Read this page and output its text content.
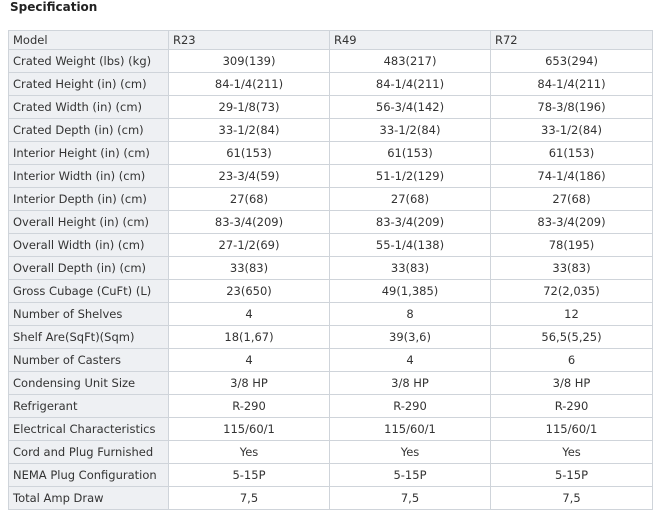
Specification
Model	R23	R49	R72
Crated Weight (lbs) (kg)	309(139)	483(217)	653(294)
Crated Height (in) (cm)	84-1/4(211)	84-1/4(211)	84-1/4(211)
Crated Width (in) (cm)	29-1/8(73)	56-3/4(142)	78-3/8(196)
Crated Depth (in) (cm)	33-1/2(84)	33-1/2(84)	33-1/2(84)
Interior Height (in) (cm)	61(153)	61(153)	61(153)
Interior Width (in) (cm)	23-3/4(59)	51-1/2(129)	74-1/4(186)
Interior Depth (in) (cm)	27(68)	27(68)	27(68)
Overall Height (in) (cm)	83-3/4(209)	83-3/4(209)	83-3/4(209)
Overall Width (in) (cm)	27-1/2(69)	55-1/4(138)	78(195)
Overall Depth (in) (cm)	33(83)	33(83)	33(83)
Gross Cubage (CuFt) (L)	23(650)	49(1,385)	72(2,035)
Number of Shelves	4	8	12
Shelf Are(SqFt)(Sqm)	18(1,67)	39(3,6)	56,5(5,25)
Number of Casters	4	4	6
Condensing Unit Size	3/8 HP	3/8 HP	3/8 HP
Refrigerant	R-290	R-290	R-290
Electrical Characteristics	115/60/1	115/60/1	115/60/1
Cord and Plug Furnished	Yes	Yes	Yes
NEMA Plug Configuration	5-15P	5-15P	5-15P
Total Amp Draw	7,5	7,5	7,5
